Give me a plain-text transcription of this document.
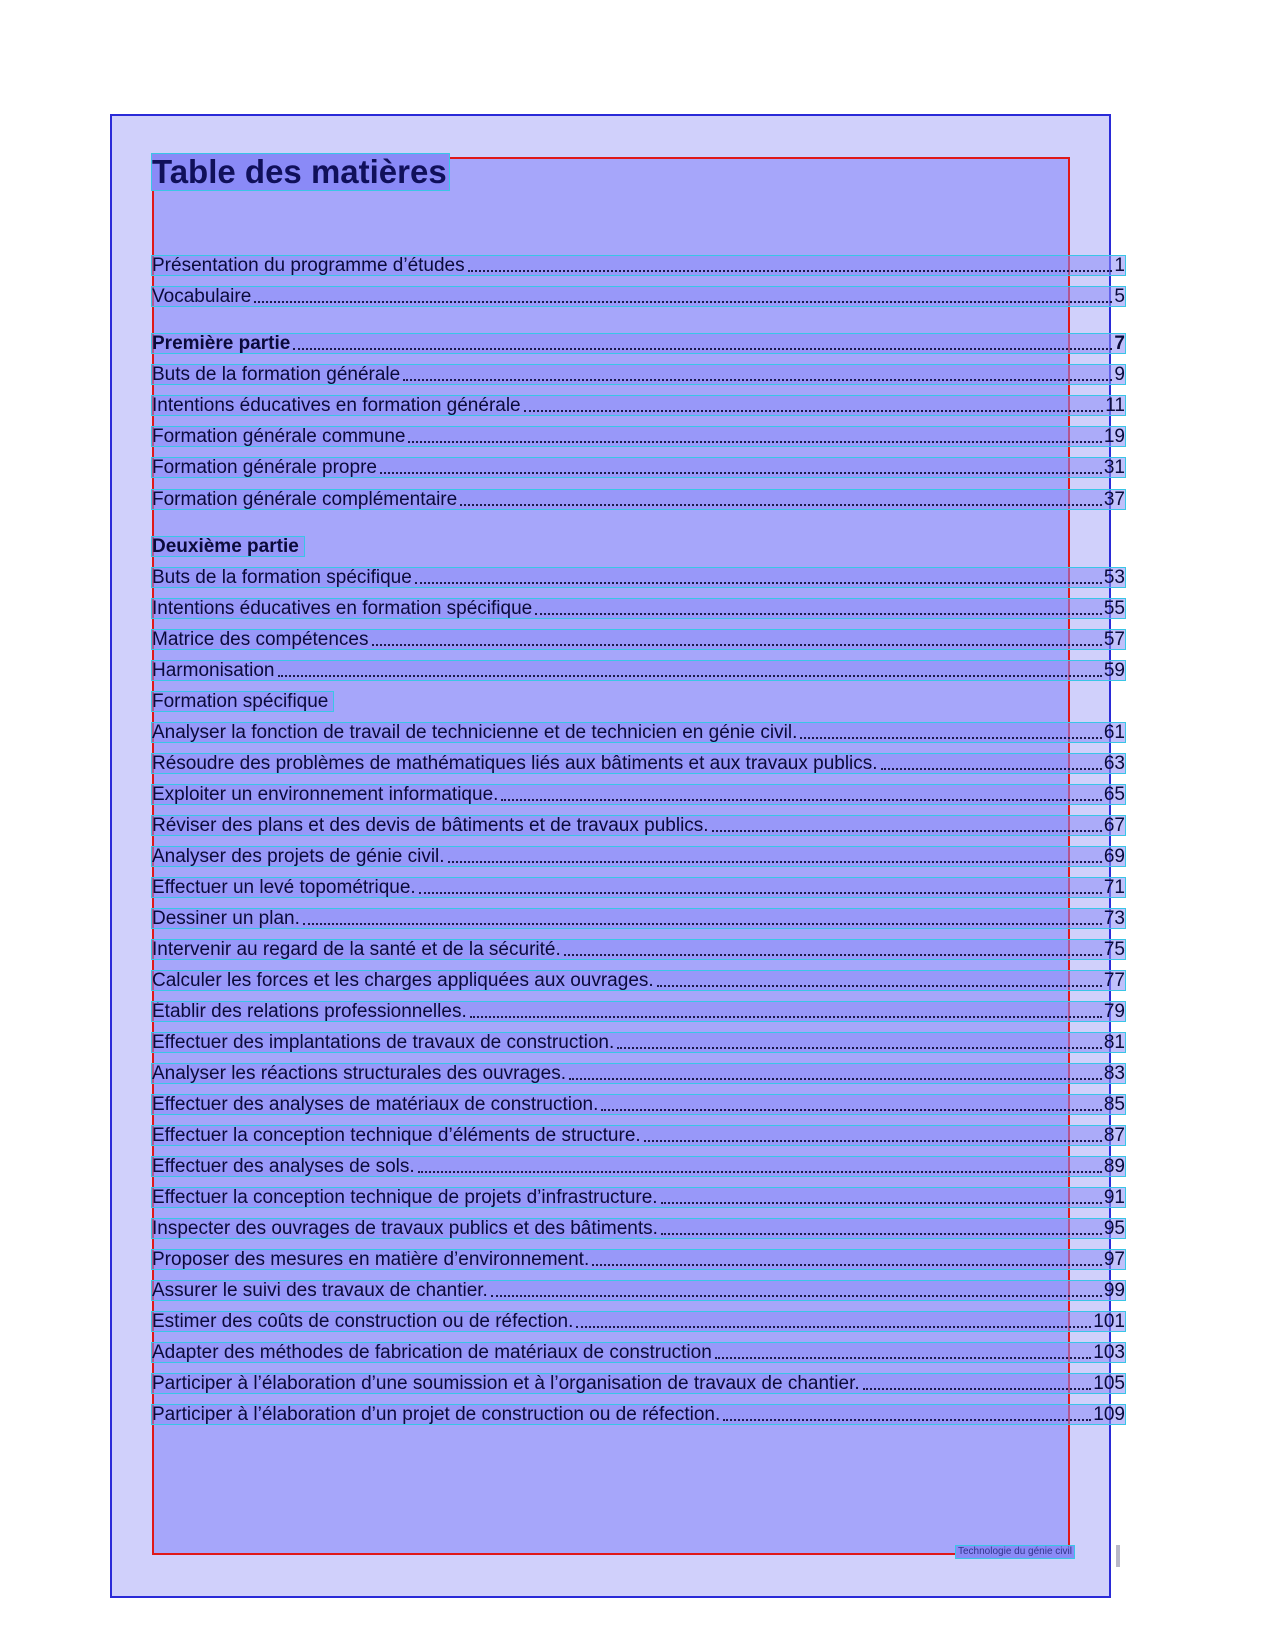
Table des matières
Présentation du programme d’études	1
Vocabulaire	5
Première partie	7
Buts de la formation générale	9
Intentions éducatives en formation générale	11
Formation générale commune	19
Formation générale propre	31
Formation générale complémentaire	37
Deuxième partie
Buts de la formation spécifique	53
Intentions éducatives en formation spécifique	55
Matrice des compétences	57
Harmonisation	59
Formation spécifique
Analyser la fonction de travail de technicienne et de technicien en génie civil.	61
Résoudre des problèmes de mathématiques liés aux bâtiments et aux travaux publics.	63
Exploiter un environnement informatique.	65
Réviser des plans et des devis de bâtiments et de travaux publics.	67
Analyser des projets de génie civil.	69
Effectuer un levé topométrique.	71
Dessiner un plan.	73
Intervenir au regard de la santé et de la sécurité.	75
Calculer les forces et les charges appliquées aux ouvrages.	77
Établir des relations professionnelles.	79
Effectuer des implantations de travaux de construction.	81
Analyser les réactions structurales des ouvrages.	83
Effectuer des analyses de matériaux de construction.	85
Effectuer la conception technique d’éléments de structure.	87
Effectuer des analyses de sols.	89
Effectuer la conception technique de projets d’infrastructure.	91
Inspecter des ouvrages de travaux publics et des bâtiments.	95
Proposer des mesures en matière d’environnement.	97
Assurer le suivi des travaux de chantier.	99
Estimer des coûts de construction ou de réfection.	101
Adapter des méthodes de fabrication de matériaux de construction	103
Participer à l’élaboration d’une soumission et à l’organisation de travaux de chantier.	105
Participer à l’élaboration d’un projet de construction ou de réfection.	109
Technologie du génie civil
